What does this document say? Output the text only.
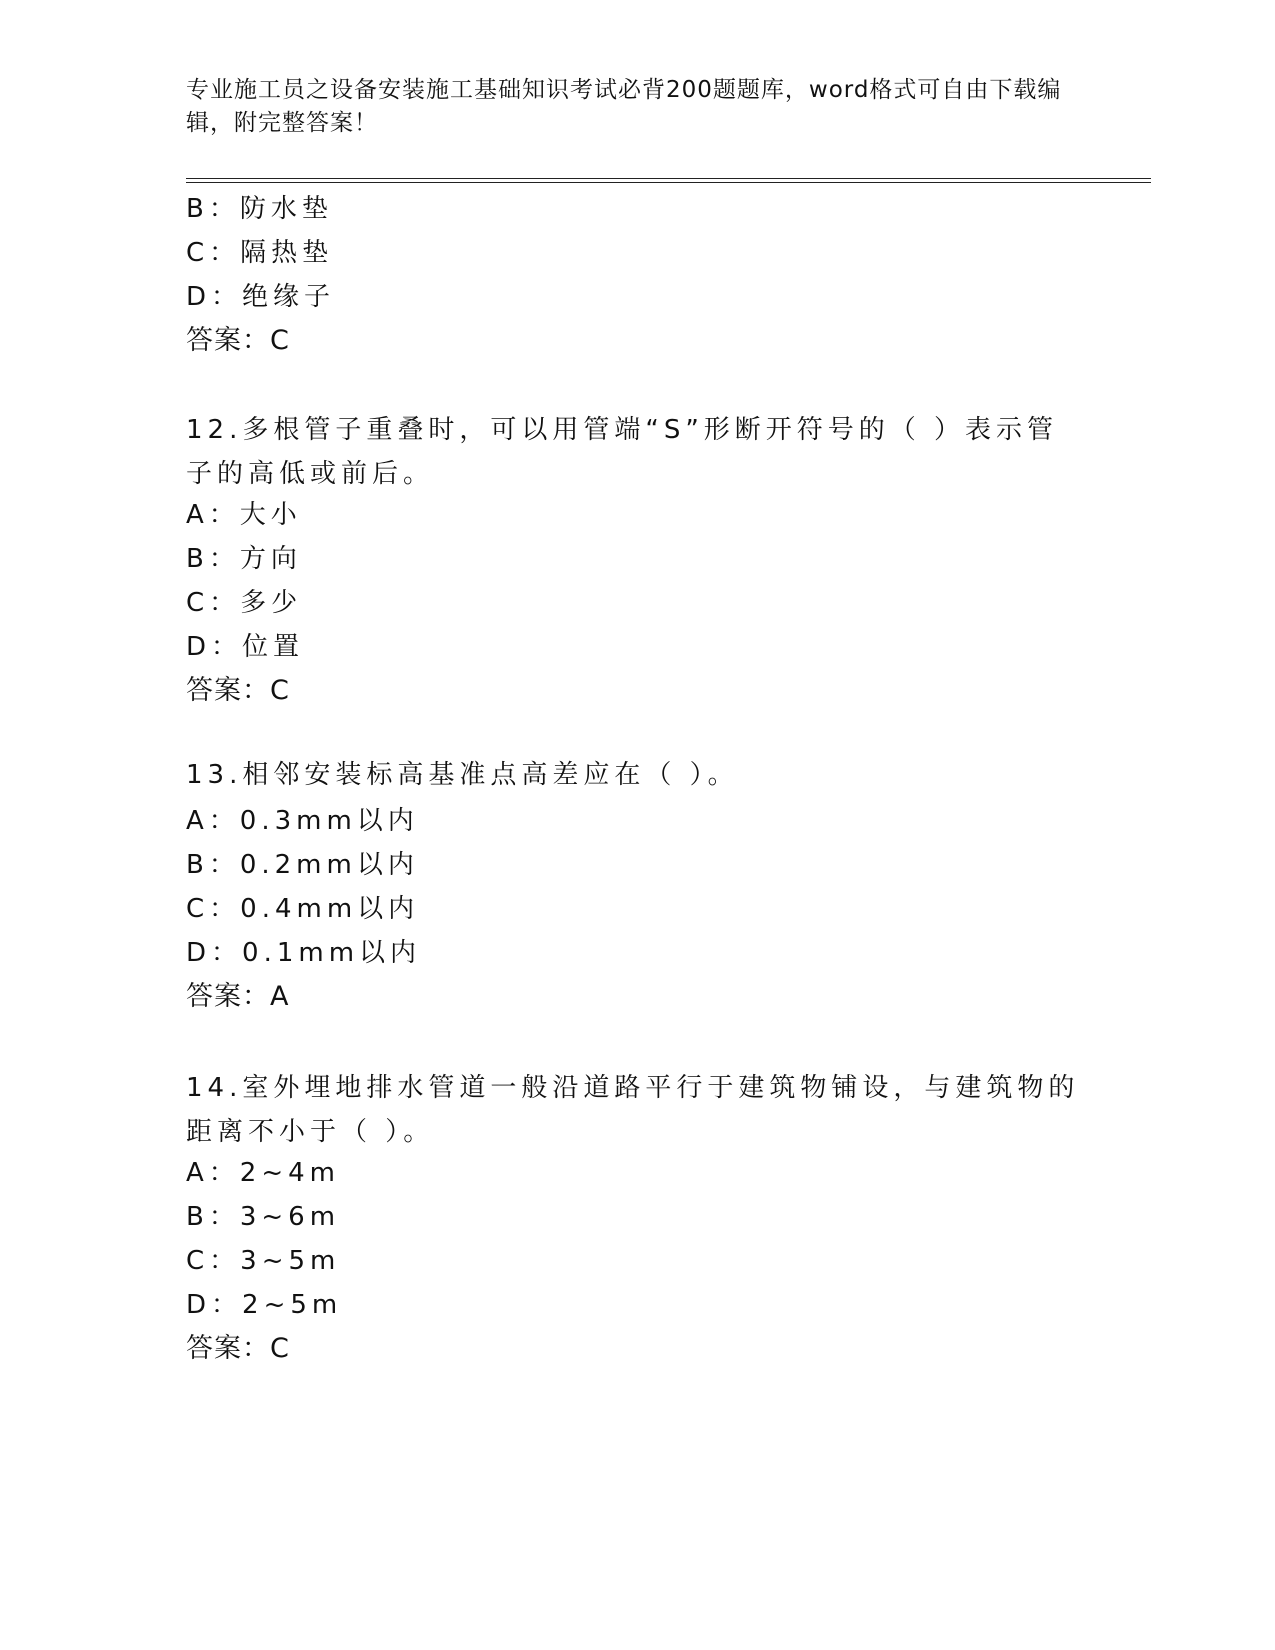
专业施工员之设备安装施工基础知识考试必背200题题库，word格式可自由下载编辑，附完整答案！
B：防水垫
C：隔热垫
D：绝缘子
答案：C
12.多根管子重叠时，可以用管端“S”形断开符号的（ ）表示管子的高低或前后。
A：大小
B：方向
C：多少
D：位置
答案：C
13.相邻安装标高基准点高差应在（ ）。
A：0.3mm以内
B：0.2mm以内
C：0.4mm以内
D：0.1mm以内
答案：A
14.室外埋地排水管道一般沿道路平行于建筑物铺设，与建筑物的距离不小于（ ）。
A：2~4m
B：3~6m
C：3~5m
D：2~5m
答案：C
